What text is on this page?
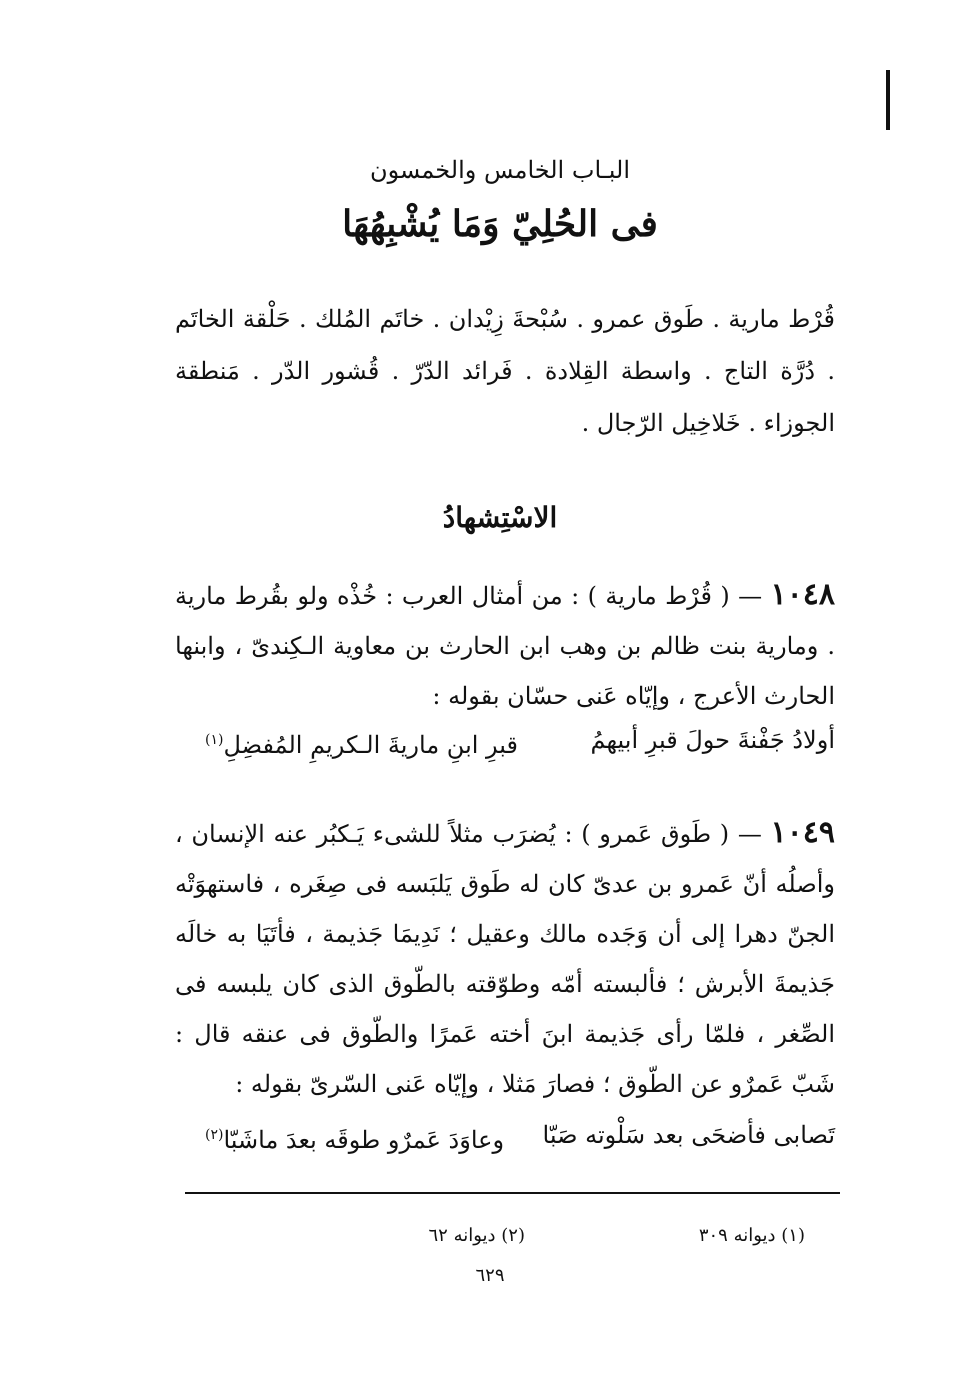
البـاب الخامس والخمسون
فى الحُلِيّ وَمَا يُشْبِهُهَا
قُرْط مارية . طَوق عمرو . سُبْحةَ زِيْدان . خاتَم المُلك . حَلْقة الخاتَم . دُرَّة التاج . واسطة القِلادة . فَرائد الدّرّ . قُشور الدّر . مَنطقة الجوزاء . خَلاخِيل الرّجال .
الاسْتِشهادُ
١٠٤٨ — ( قُرْط مارية ) : من أمثال العرب : خُذْه ولو بقُرط مارية . ومارية بنت ظالم بن وهب ابن الحارث بن معاوية الـكِندىّ ، وابنها الحارث الأعرج ، وإيّاه عَنى حسّان بقوله :
أولادُ جَفْنةَ حولَ قبرِ أبيهمُ
قبرِ ابنِ ماريةَ الـكريمِ المُفضِلِ$^{(١)}$
١٠٤٩ — ( طَوق عَمرو ) : يُضرَب مثلاً للشىء يَـكبُر عنه الإنسان ، وأصلُه أنّ عَمرو بن عدىّ كان له طَوق يَلبَسه فى صِغَره ، فاستهوَتْه الجنّ دهرا إلى أن وَجَده مالك وعقيل ؛ نَدِيمَا جَذيمة ، فأتَيَا به خالَه جَذيمةَ الأبرش ؛ فألبسته أمّه وطوّقته بالطّوق الذى كان يلبسه فى الصِّغر ، فلمّا رأى جَذيمة ابنَ أخته عَمرًا والطّوق فى عنقه قال : شَبّ عَمرٌو عن الطّوق ؛ فصارَ مَثلا ، وإيّاه عَنى السّرىّ بقوله :
تَصابى فأضحَى بعد سَلْوته صَبّا
وعاوَدَ عَمرٌو طوقَه بعدَ ماشَبّا$^{(٢)}$
(١) ديوانه ٣٠٩
(٢) ديوانه ٦٢
٦٢٩
